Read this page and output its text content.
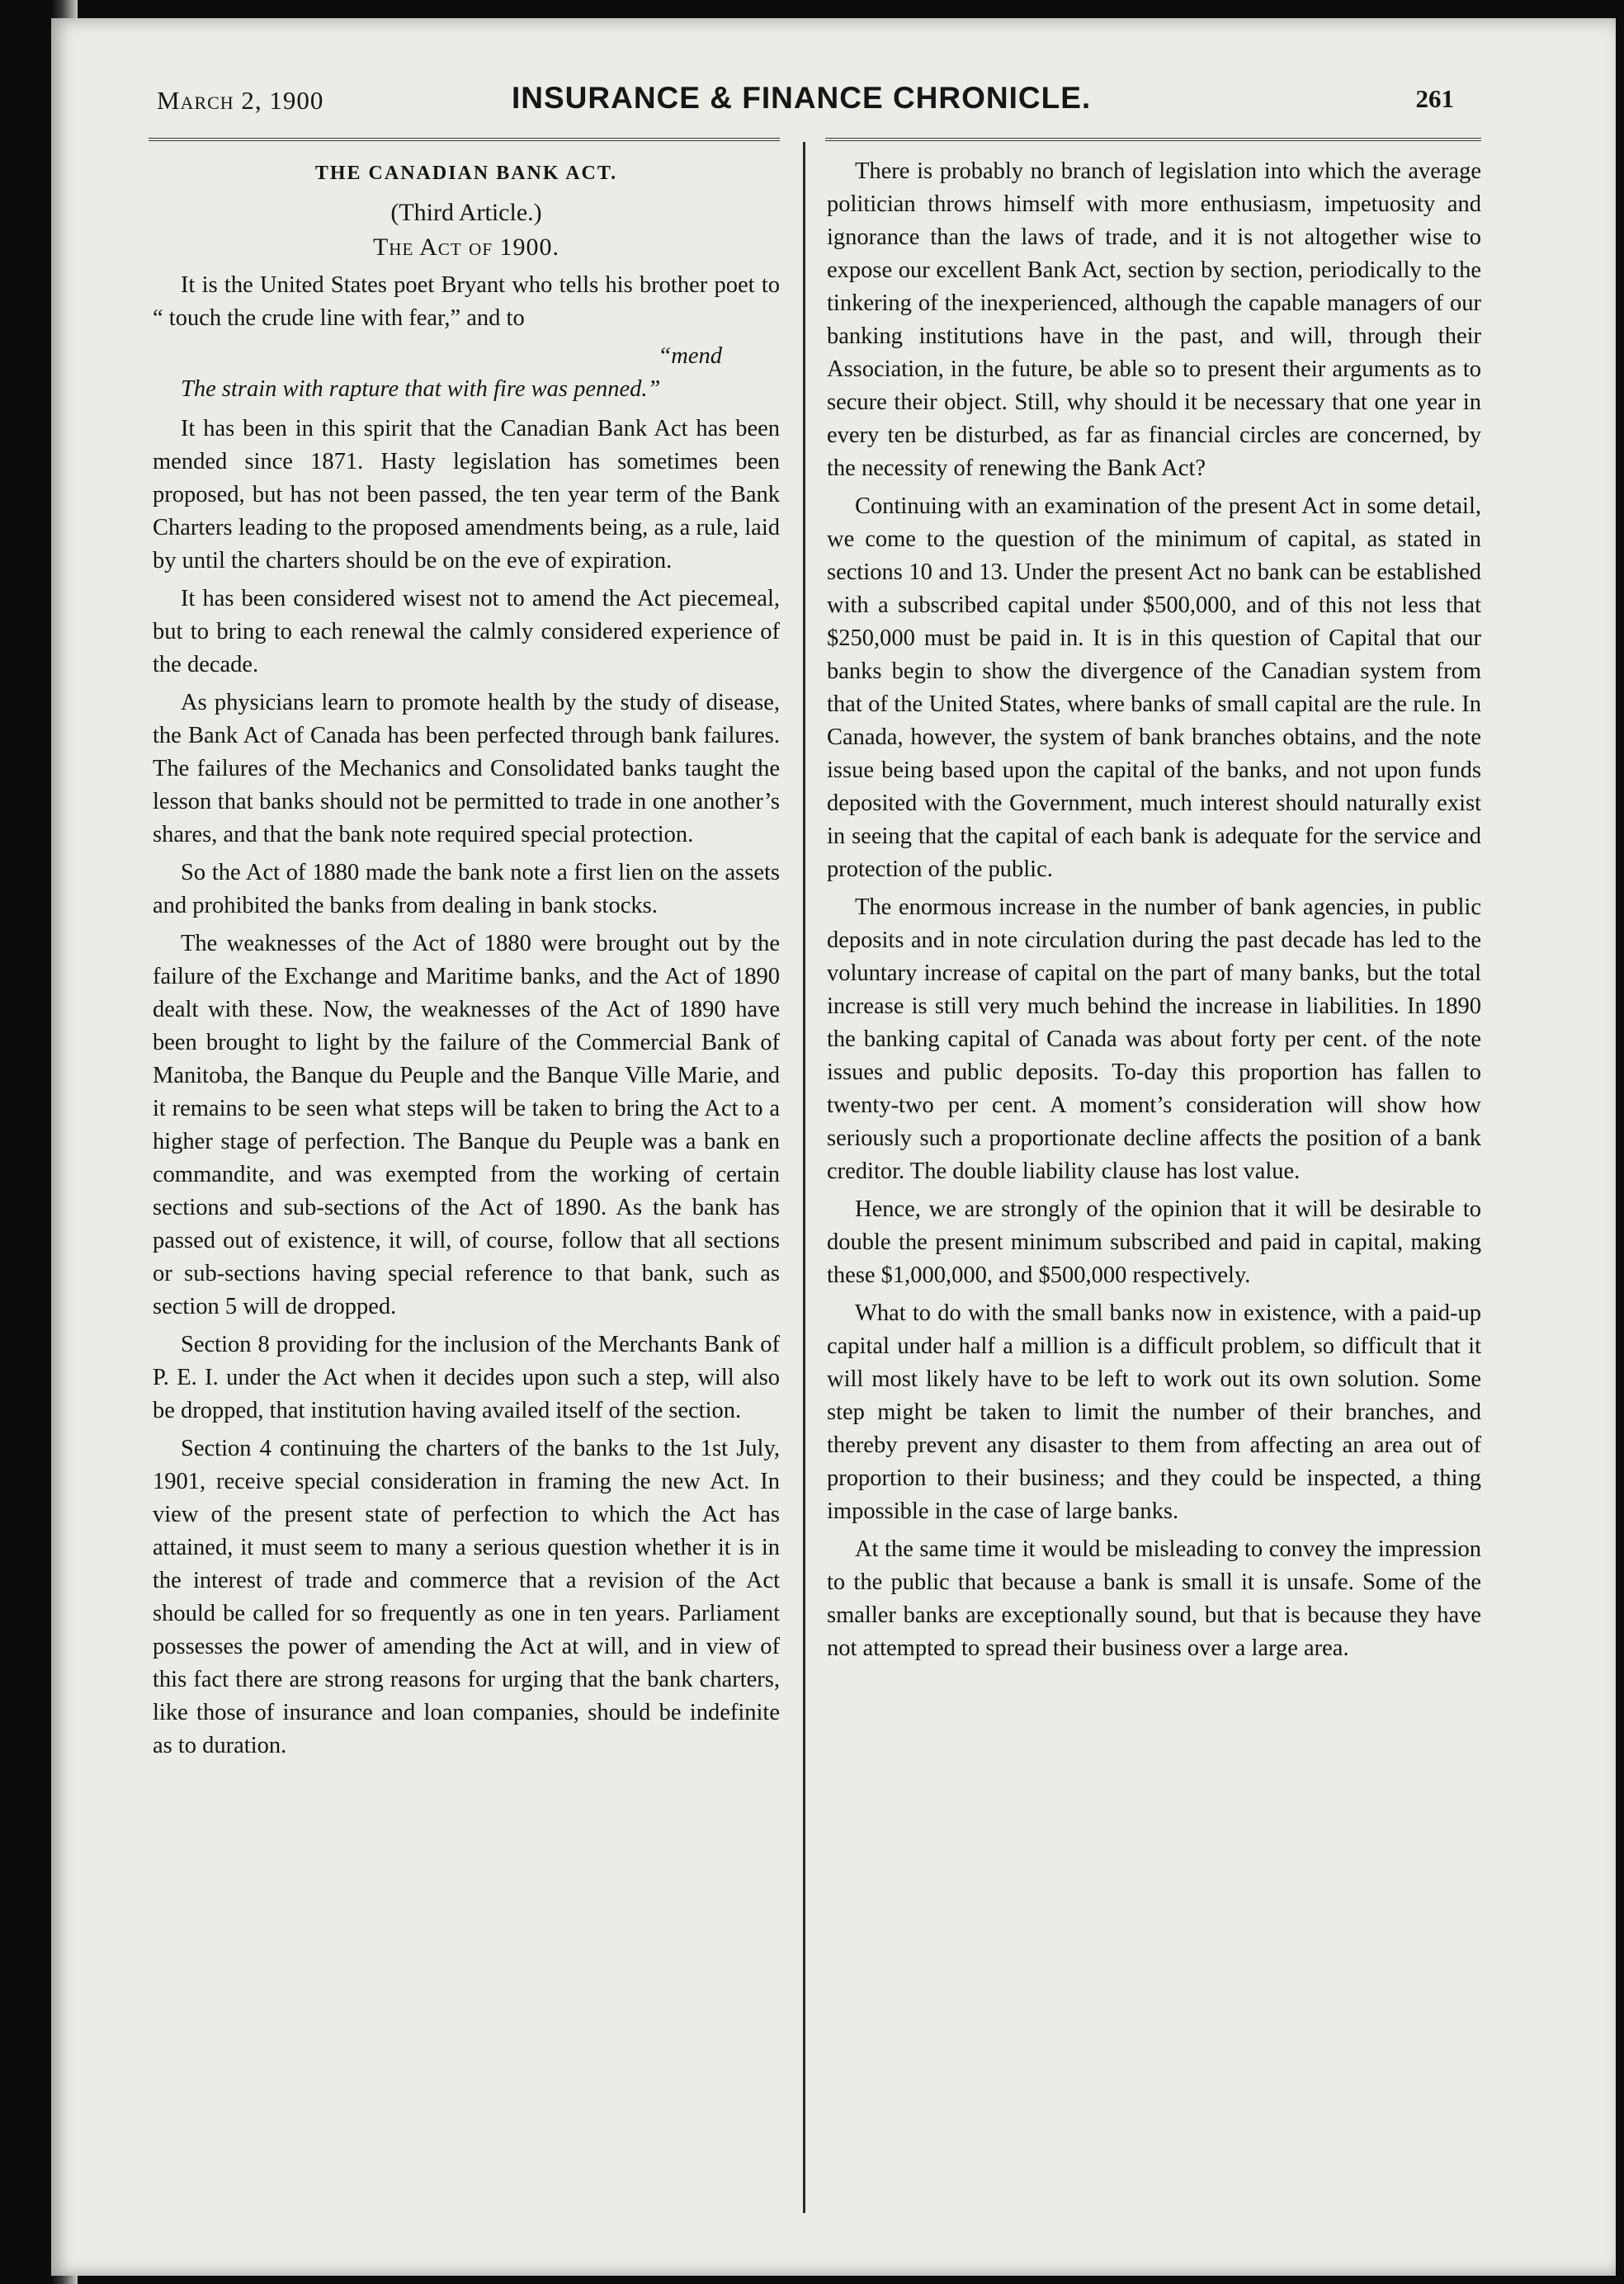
March 2, 1900	INSURANCE & FINANCE CHRONICLE.	261
THE CANADIAN BANK ACT.
(Third Article.)
The Act of 1900.

It is the United States poet Bryant who tells his brother poet to “ touch the crude line with fear,” and to

“mend
The strain with rapture that with fire was penned.”

It has been in this spirit that the Canadian Bank Act has been mended since 1871. Hasty legislation has sometimes been proposed, but has not been passed, the ten year term of the Bank Charters leading to the proposed amendments being, as a rule, laid by until the charters should be on the eve of expiration.

It has been considered wisest not to amend the Act piecemeal, but to bring to each renewal the calmly considered experience of the decade.

As physicians learn to promote health by the study of disease, the Bank Act of Canada has been perfected through bank failures. The failures of the Mechanics and Consolidated banks taught the lesson that banks should not be permitted to trade in one another’s shares, and that the bank note required special protection.

So the Act of 1880 made the bank note a first lien on the assets and prohibited the banks from dealing in bank stocks.

The weaknesses of the Act of 1880 were brought out by the failure of the Exchange and Maritime banks, and the Act of 1890 dealt with these. Now, the weaknesses of the Act of 1890 have been brought to light by the failure of the Commercial Bank of Manitoba, the Banque du Peuple and the Banque Ville Marie, and it remains to be seen what steps will be taken to bring the Act to a higher stage of perfection. The Banque du Peuple was a bank en commandite, and was exempted from the working of certain sections and sub-sections of the Act of 1890. As the bank has passed out of existence, it will, of course, follow that all sections or sub-sections having special reference to that bank, such as section 5 will de dropped.

Section 8 providing for the inclusion of the Merchants Bank of P. E. I. under the Act when it decides upon such a step, will also be dropped, that institution having availed itself of the section.

Section 4 continuing the charters of the banks to the 1st July, 1901, receive special consideration in framing the new Act. In view of the present state of perfection to which the Act has attained, it must seem to many a serious question whether it is in the interest of trade and commerce that a revision of the Act should be called for so frequently as one in ten years. Parliament possesses the power of amending the Act at will, and in view of this fact there are strong reasons for urging that the bank charters, like those of insurance and loan companies, should be indefinite as to duration.

There is probably no branch of legislation into which the average politician throws himself with more enthusiasm, impetuosity and ignorance than the laws of trade, and it is not altogether wise to expose our excellent Bank Act, section by section, periodically to the tinkering of the inexperienced, although the capable managers of our banking institutions have in the past, and will, through their Association, in the future, be able so to present their arguments as to secure their object. Still, why should it be necessary that one year in every ten be disturbed, as far as financial circles are concerned, by the necessity of renewing the Bank Act?

Continuing with an examination of the present Act in some detail, we come to the question of the minimum of capital, as stated in sections 10 and 13. Under the present Act no bank can be established with a subscribed capital under $500,000, and of this not less that $250,000 must be paid in. It is in this question of Capital that our banks begin to show the divergence of the Canadian system from that of the United States, where banks of small capital are the rule. In Canada, however, the system of bank branches obtains, and the note issue being based upon the capital of the banks, and not upon funds deposited with the Government, much interest should naturally exist in seeing that the capital of each bank is adequate for the service and protection of the public.

The enormous increase in the number of bank agencies, in public deposits and in note circulation during the past decade has led to the voluntary increase of capital on the part of many banks, but the total increase is still very much behind the increase in liabilities. In 1890 the banking capital of Canada was about forty per cent. of the note issues and public deposits. To-day this proportion has fallen to twenty-two per cent. A moment’s consideration will show how seriously such a proportionate decline affects the position of a bank creditor. The double liability clause has lost value.

Hence, we are strongly of the opinion that it will be desirable to double the present minimum subscribed and paid in capital, making these $1,000,000, and $500,000 respectively.

What to do with the small banks now in existence, with a paid-up capital under half a million is a difficult problem, so difficult that it will most likely have to be left to work out its own solution. Some step might be taken to limit the number of their branches, and thereby prevent any disaster to them from affecting an area out of proportion to their business; and they could be inspected, a thing impossible in the case of large banks.

At the same time it would be misleading to convey the impression to the public that because a bank is small it is unsafe. Some of the smaller banks are exceptionally sound, but that is because they have not attempted to spread their business over a large area.
